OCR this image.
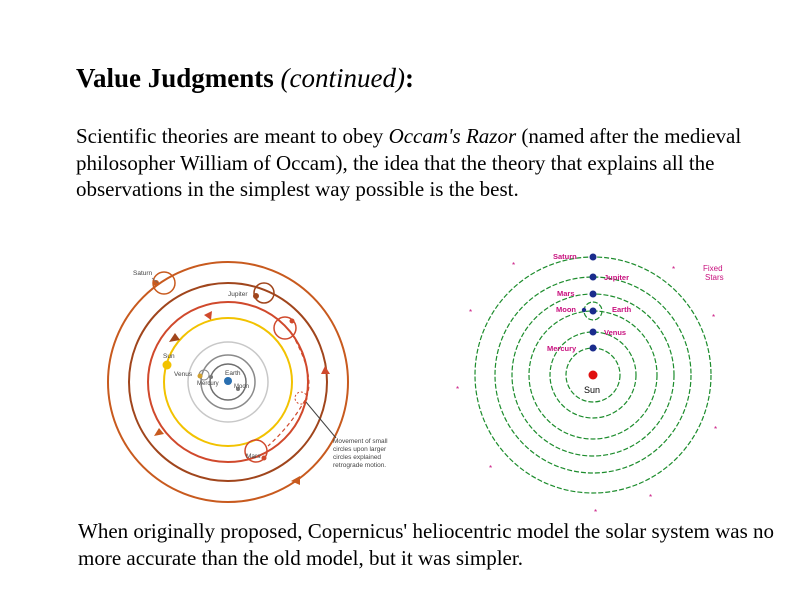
Value Judgments (continued):

Scientific theories are meant to obey Occam's Razor (named after the medieval philosopher William of Occam), the idea that the theory that explains all the observations in the simplest way possible is the best.

Saturn
Jupiter
Sun
Venus
Mercury
Earth
Moon
Mars
Movement of small
circles upon larger
circles explained
retrograde motion.
Saturn
Jupiter
Mars
Moon	Earth
Venus
Mercury
Sun
Fixed
Stars
*	*
*
*
*
*
*
*
*

When originally proposed, Copernicus' heliocentric model the solar system was no more accurate than the old model, but it was simpler.
